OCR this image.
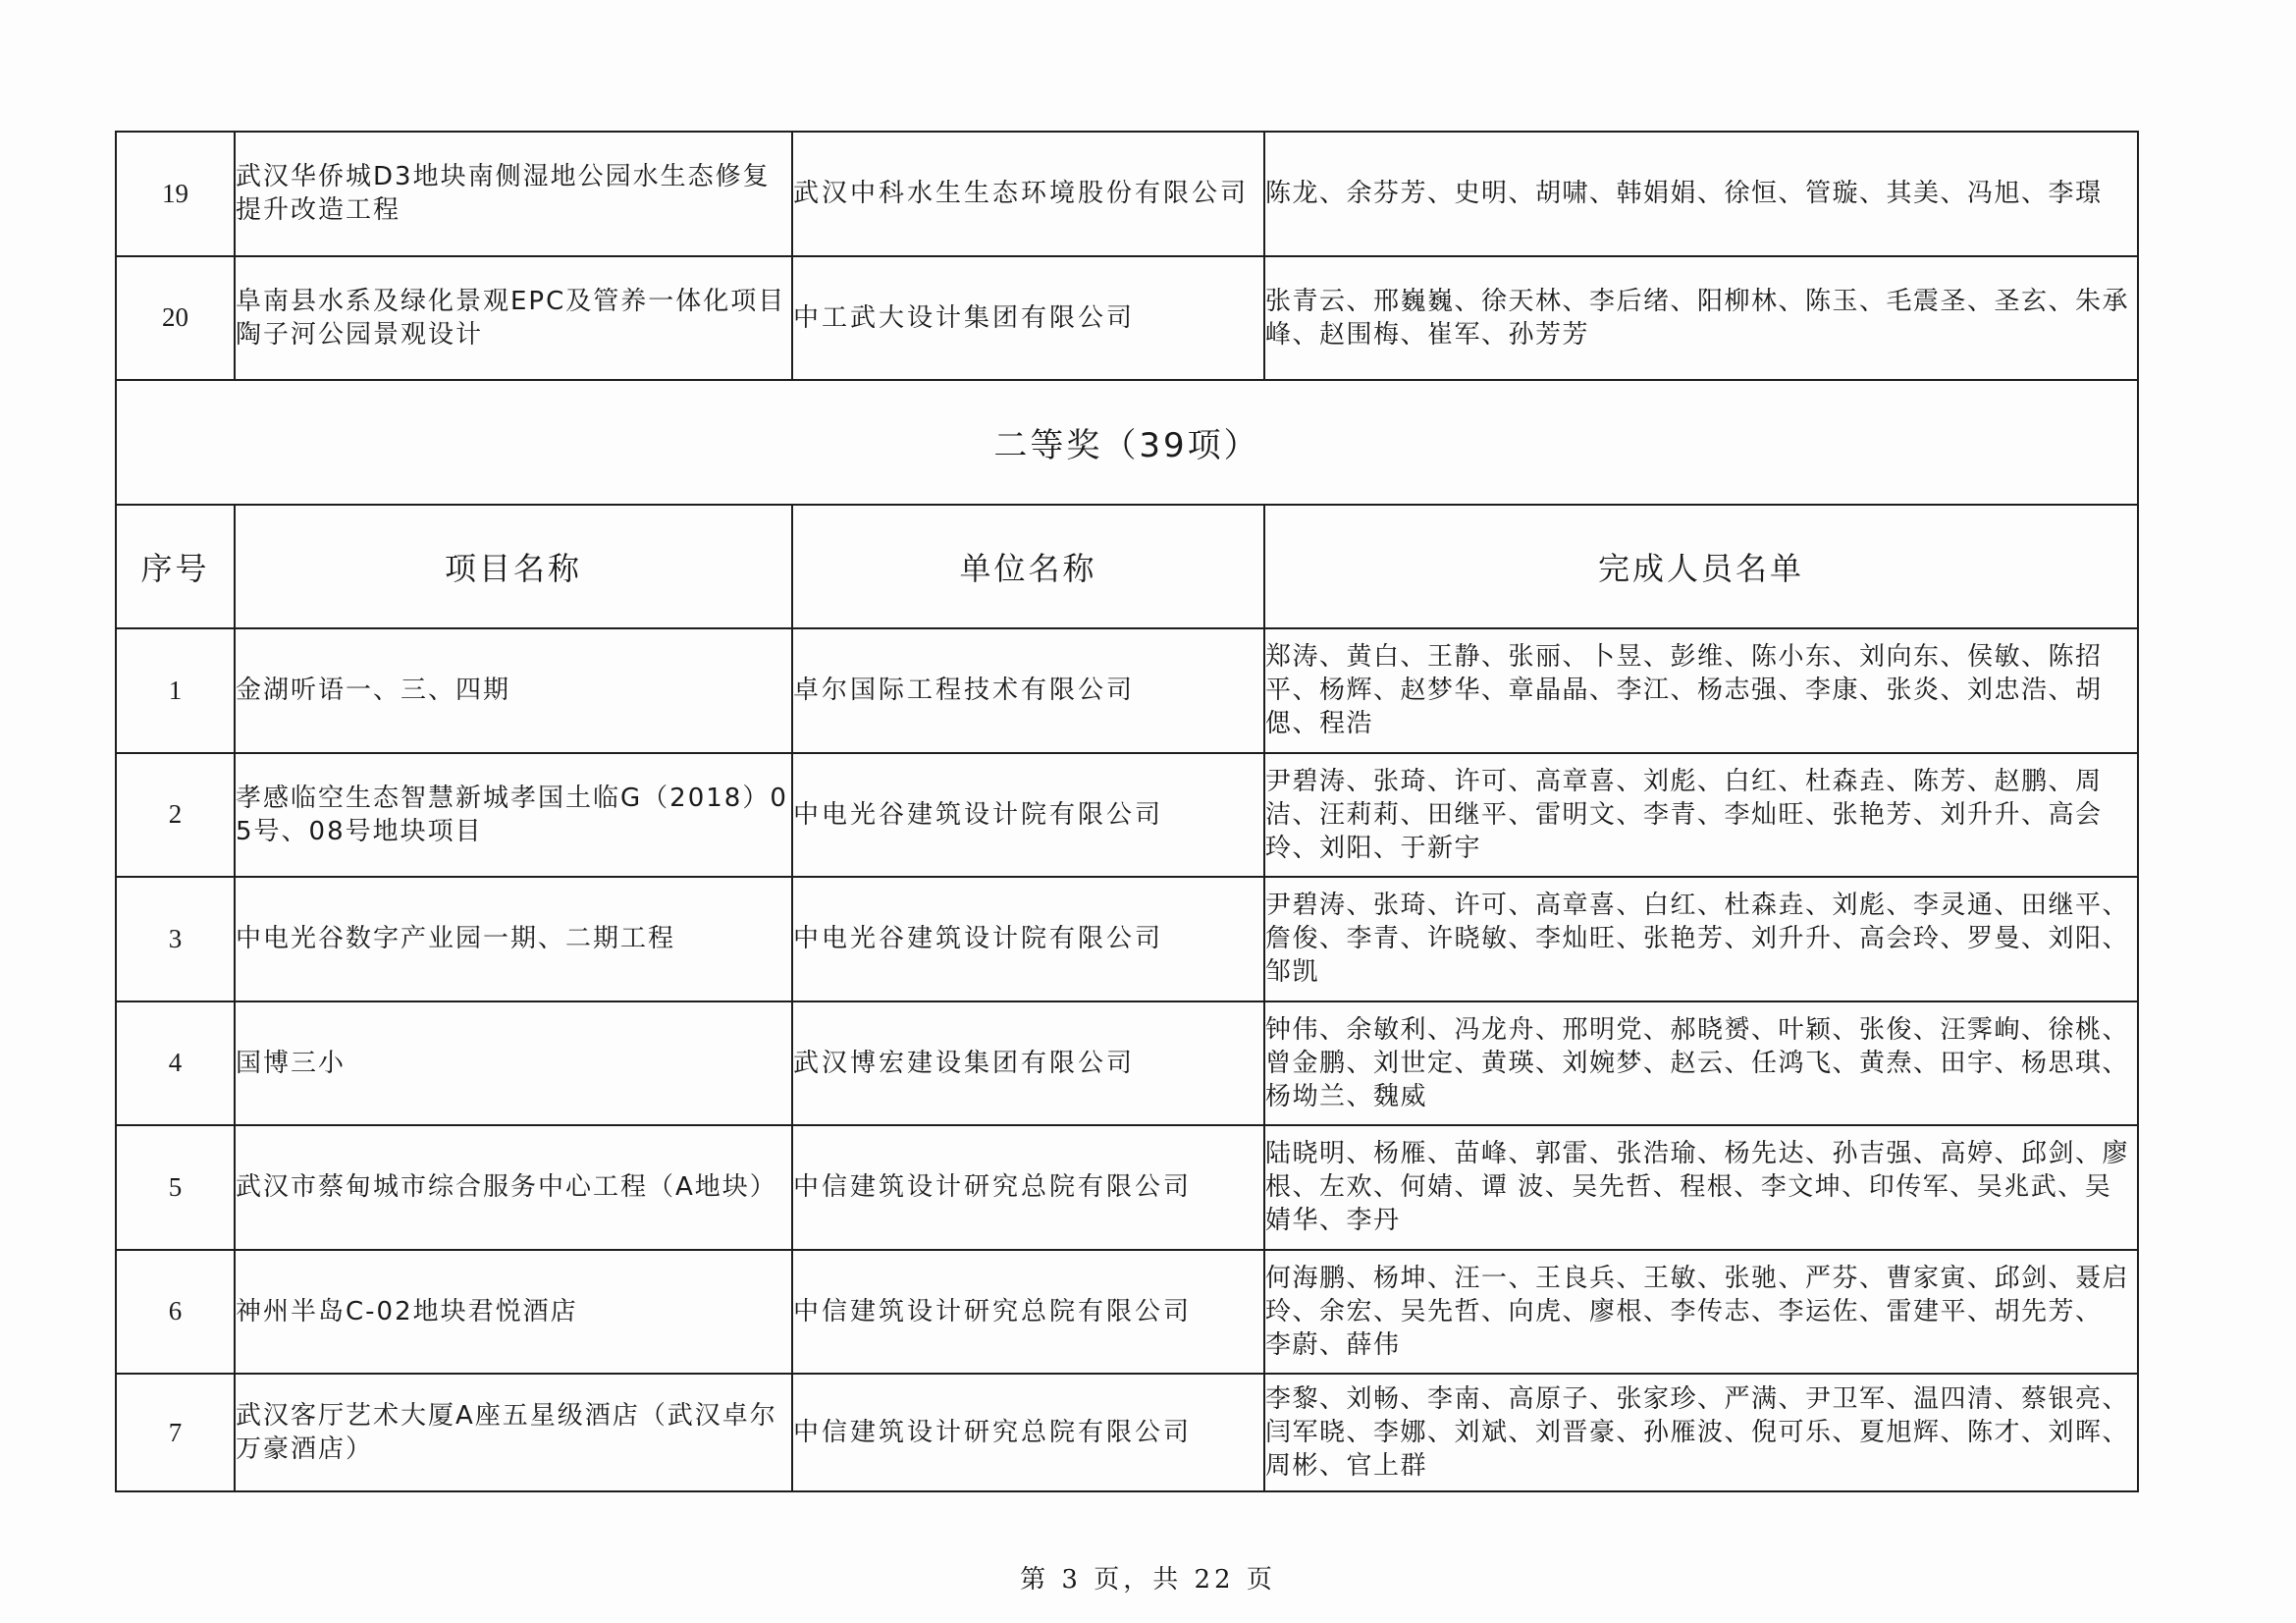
19	武汉华侨城D3地块南侧湿地公园水生态修复提升改造工程	武汉中科水生生态环境股份有限公司	陈龙、余芬芳、史明、胡啸、韩娟娟、徐恒、管璇、其美、冯旭、李璟
20	阜南县水系及绿化景观EPC及管养一体化项目陶子河公园景观设计	中工武大设计集团有限公司	张青云、邢巍巍、徐天林、李后绪、阳柳林、陈玉、毛震圣、圣玄、朱承峰、赵围梅、崔军、孙芳芳
二等奖（39项）			
序号	项目名称	单位名称	完成人员名单
1	金湖听语一、三、四期	卓尔国际工程技术有限公司	郑涛、黄白、王静、张丽、卜昱、彭维、陈小东、刘向东、侯敏、陈招平、杨辉、赵梦华、章晶晶、李江、杨志强、李康、张炎、刘忠浩、胡偲、程浩
2	孝感临空生态智慧新城孝国土临G（2018）05号、08号地块项目	中电光谷建筑设计院有限公司	尹碧涛、张琦、许可、高章喜、刘彪、白红、杜森垚、陈芳、赵鹏、周洁、汪莉莉、田继平、雷明文、李青、李灿旺、张艳芳、刘升升、高会玲、刘阳、于新宇
3	中电光谷数字产业园一期、二期工程	中电光谷建筑设计院有限公司	尹碧涛、张琦、许可、高章喜、白红、杜森垚、刘彪、李灵通、田继平、詹俊、李青、许晓敏、李灿旺、张艳芳、刘升升、高会玲、罗曼、刘阳、邹凯
4	国博三小	武汉博宏建设集团有限公司	钟伟、余敏利、冯龙舟、邢明党、郝晓赟、叶颖、张俊、汪霁峋、徐桃、曾金鹏、刘世定、黄瑛、刘婉梦、赵云、任鸿飞、黄焘、田宇、杨思琪、杨坳兰、魏威
5	武汉市蔡甸城市综合服务中心工程（A地块）	中信建筑设计研究总院有限公司	陆晓明、杨雁、苗峰、郭雷、张浩瑜、杨先达、孙吉强、高婷、邱剑、廖根、左欢、何婧、谭 波、吴先哲、程根、李文坤、印传军、吴兆武、吴婧华、李丹
6	神州半岛C-02地块君悦酒店	中信建筑设计研究总院有限公司	何海鹏、杨坤、汪一、王良兵、王敏、张驰、严芬、曹家寅、邱剑、聂启玲、余宏、吴先哲、向虎、廖根、李传志、李运佐、雷建平、胡先芳、 李蔚、薛伟
7	武汉客厅艺术大厦A座五星级酒店（武汉卓尔万豪酒店）	中信建筑设计研究总院有限公司	李黎、刘畅、李南、高原子、张家珍、严满、尹卫军、温四清、蔡银亮、闫军晓、李娜、刘斌、刘晋豪、孙雁波、倪可乐、夏旭辉、陈才、刘晖、周彬、官上群
第 3 页，共 22 页
